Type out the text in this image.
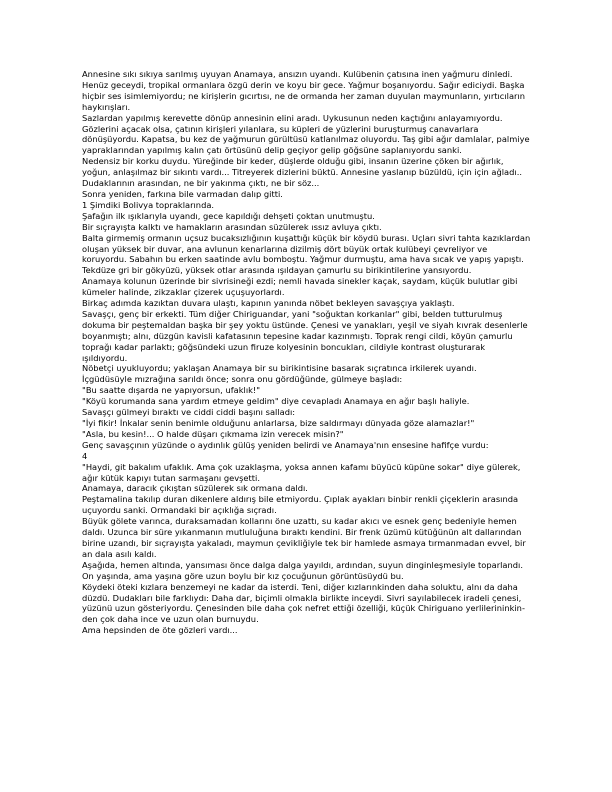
Annesine sıkı sıkıya sarılmış uyuyan Anamaya, ansızın uyandı. Kulübenin çatısına inen yağmuru dinledi.

Henüz geceydi, tropikal ormanlara özgü derin ve koyu bir gece. Yağmur boşanıyordu. Sağır ediciydi. Başka hiçbir ses isimlemiyordu; ne kirişlerin gıcırtısı, ne de ormanda her zaman duyulan maymunların, yırtıcıların haykırışları.

Sazlardan yapılmış kerevette dönüp annesinin elini aradı. Uykusunun neden kaçtığını anlayamıyordu.

Gözlerini açacak olsa, çatının kirişleri yılanlara, su küpleri de yüzlerini buruşturmuş canavarlara dönüşüyordu. Kapatsa, bu kez de yağmurun gürültüsü katlanılmaz oluyordu. Taş gibi ağır damlalar, palmiye yapraklarından yapılmış kalın çatı örtüsünü delip geçiyor gelip göğsüne saplanıyordu sanki.

Nedensiz bir korku duydu. Yüreğinde bir keder, düşlerde olduğu gibi, insanın üzerine çöken bir ağırlık, yoğun, anlaşılmaz bir sıkıntı vardı... Titreyerek dizlerini büktü. Annesine yaslanıp büzüldü, için için ağladı.. Dudaklarının arasından, ne bir yakınma çıktı, ne bir söz...

Sonra yeniden, farkına bile varmadan dalıp gitti.

1 Şimdiki Bolivya topraklarında.

Şafağın ilk ışıklarıyla uyandı, gece kapıldığı dehşeti çoktan unutmuştu.

Bir sıçrayışta kalktı ve hamakların arasından süzülerek ıssız avluya çıktı.

Balta girmemiş ormanın uçsuz bucaksızlığının kuşattığı küçük bir köydü burası. Uçları sivri tahta kazıklardan oluşan yüksek bir duvar, ana avlunun kenarlarına dizilmiş dört büyük ortak kulübeyi çevreliyor ve koruyordu. Sabahın bu erken saatinde avlu bomboştu. Yağmur durmuştu, ama hava sıcak ve yapış yapıştı. Tekdüze gri bir gökyüzü, yüksek otlar arasında ışıldayan çamurlu su birikintilerine yansıyordu.

Anamaya kolunun üzerinde bir sivrisineği ezdi; nemli havada sinekler kaçak, saydam, küçük bulutlar gibi kümeler halinde, zikzaklar çizerek uçuşuyorlardı.

Birkaç adımda kazıktan duvara ulaştı, kapının yanında nöbet bekleyen savaşçıya yaklaştı.

Savaşçı, genç bir erkekti. Tüm diğer Chiriguandar, yani "soğuktan korkanlar" gibi, belden tutturulmuş dokuma bir peştemaldan başka bir şey yoktu üstünde. Çenesi ve yanakları, yeşil ve siyah kıvrak desenlerle boyanmıştı; alnı, düzgün kavisli kafatasının tepesine kadar kazınmıştı. Toprak rengi cildi, köyün çamurlu toprağı kadar parlaktı; göğsündeki uzun firuze kolyesinin boncukları, cildiyle kontrast oluşturarak ışıldıyordu.

Nöbetçi uyukluyordu; yaklaşan Anamaya bir su birikintisine basarak sıçratınca irkilerek uyandı.

İçgüdüsüyle mızrağına sarıldı önce; sonra onu gördüğünde, gülmeye başladı:

"Bu saatte dışarda ne yapıyorsun, ufaklık!"

"Köyü korumanda sana yardım etmeye geldim" diye cevapladı Anamaya en ağır başlı haliyle.

Savaşçı gülmeyi bıraktı ve ciddi ciddi başını salladı:

"İyi fikir! İnkalar senin benimle olduğunu anlarlarsa, bize saldırmayı dünyada göze alamazlar!"

"Asla, bu kesin!... O halde düşarı çıkmama izin verecek misin?"

Genç savaşçının yüzünde o aydınlık gülüş yeniden belirdi ve Anamaya'nın ensesine hafifçe vurdu:

4

"Haydi, git bakalım ufaklık. Ama çok uzaklaşma, yoksa annen kafamı büyücü küpüne sokar" diye gülerek, ağır kütük kapıyı tutan sarmaşanı gevşetti.

Anamaya, daracık çıkıştan süzülerek sık ormana daldı.

Peştamalina takılıp duran dikenlere aldırış bile etmiyordu. Çıplak ayakları binbir renkli çiçeklerin arasında uçuyordu sanki. Ormandaki bir açıklığa sıçradı.

Büyük gölete varınca, duraksamadan kollarını öne uzattı, su kadar akıcı ve esnek genç bedeniyle hemen daldı. Uzunca bir süre yıkanmanın mutluluğuna bıraktı kendini. Bir frenk üzümü kütüğünün alt dallarından birine uzandı, bir sıçrayışta yakaladı, maymun çevikliğiyle tek bir hamlede asmaya tırmanmadan evvel, bir an dala asılı kaldı.

Aşağıda, hemen altında, yansıması önce dalga dalga yayıldı, ardından, suyun dinginleşmesiyle toparlandı. On yaşında, ama yaşına göre uzun boylu bir kız çocuğunun görüntüsüydü bu.

Köydeki öteki kızlara benzemeyi ne kadar da isterdi. Teni, diğer kızlarınkinden daha soluktu, alnı da daha düzdü. Dudakları bile farklıydı: Daha dar, biçimli olmakla birlikte inceydi. Sivri sayılabilecek iradeli çenesi, yüzünü uzun gösteriyordu. Çenesinden bile daha çok nefret ettiği özelliği, küçük Chiriguano yerlilerininkin-den çok daha ince ve uzun olan burnuydu.

Ama hepsinden de öte gözleri vardı...
